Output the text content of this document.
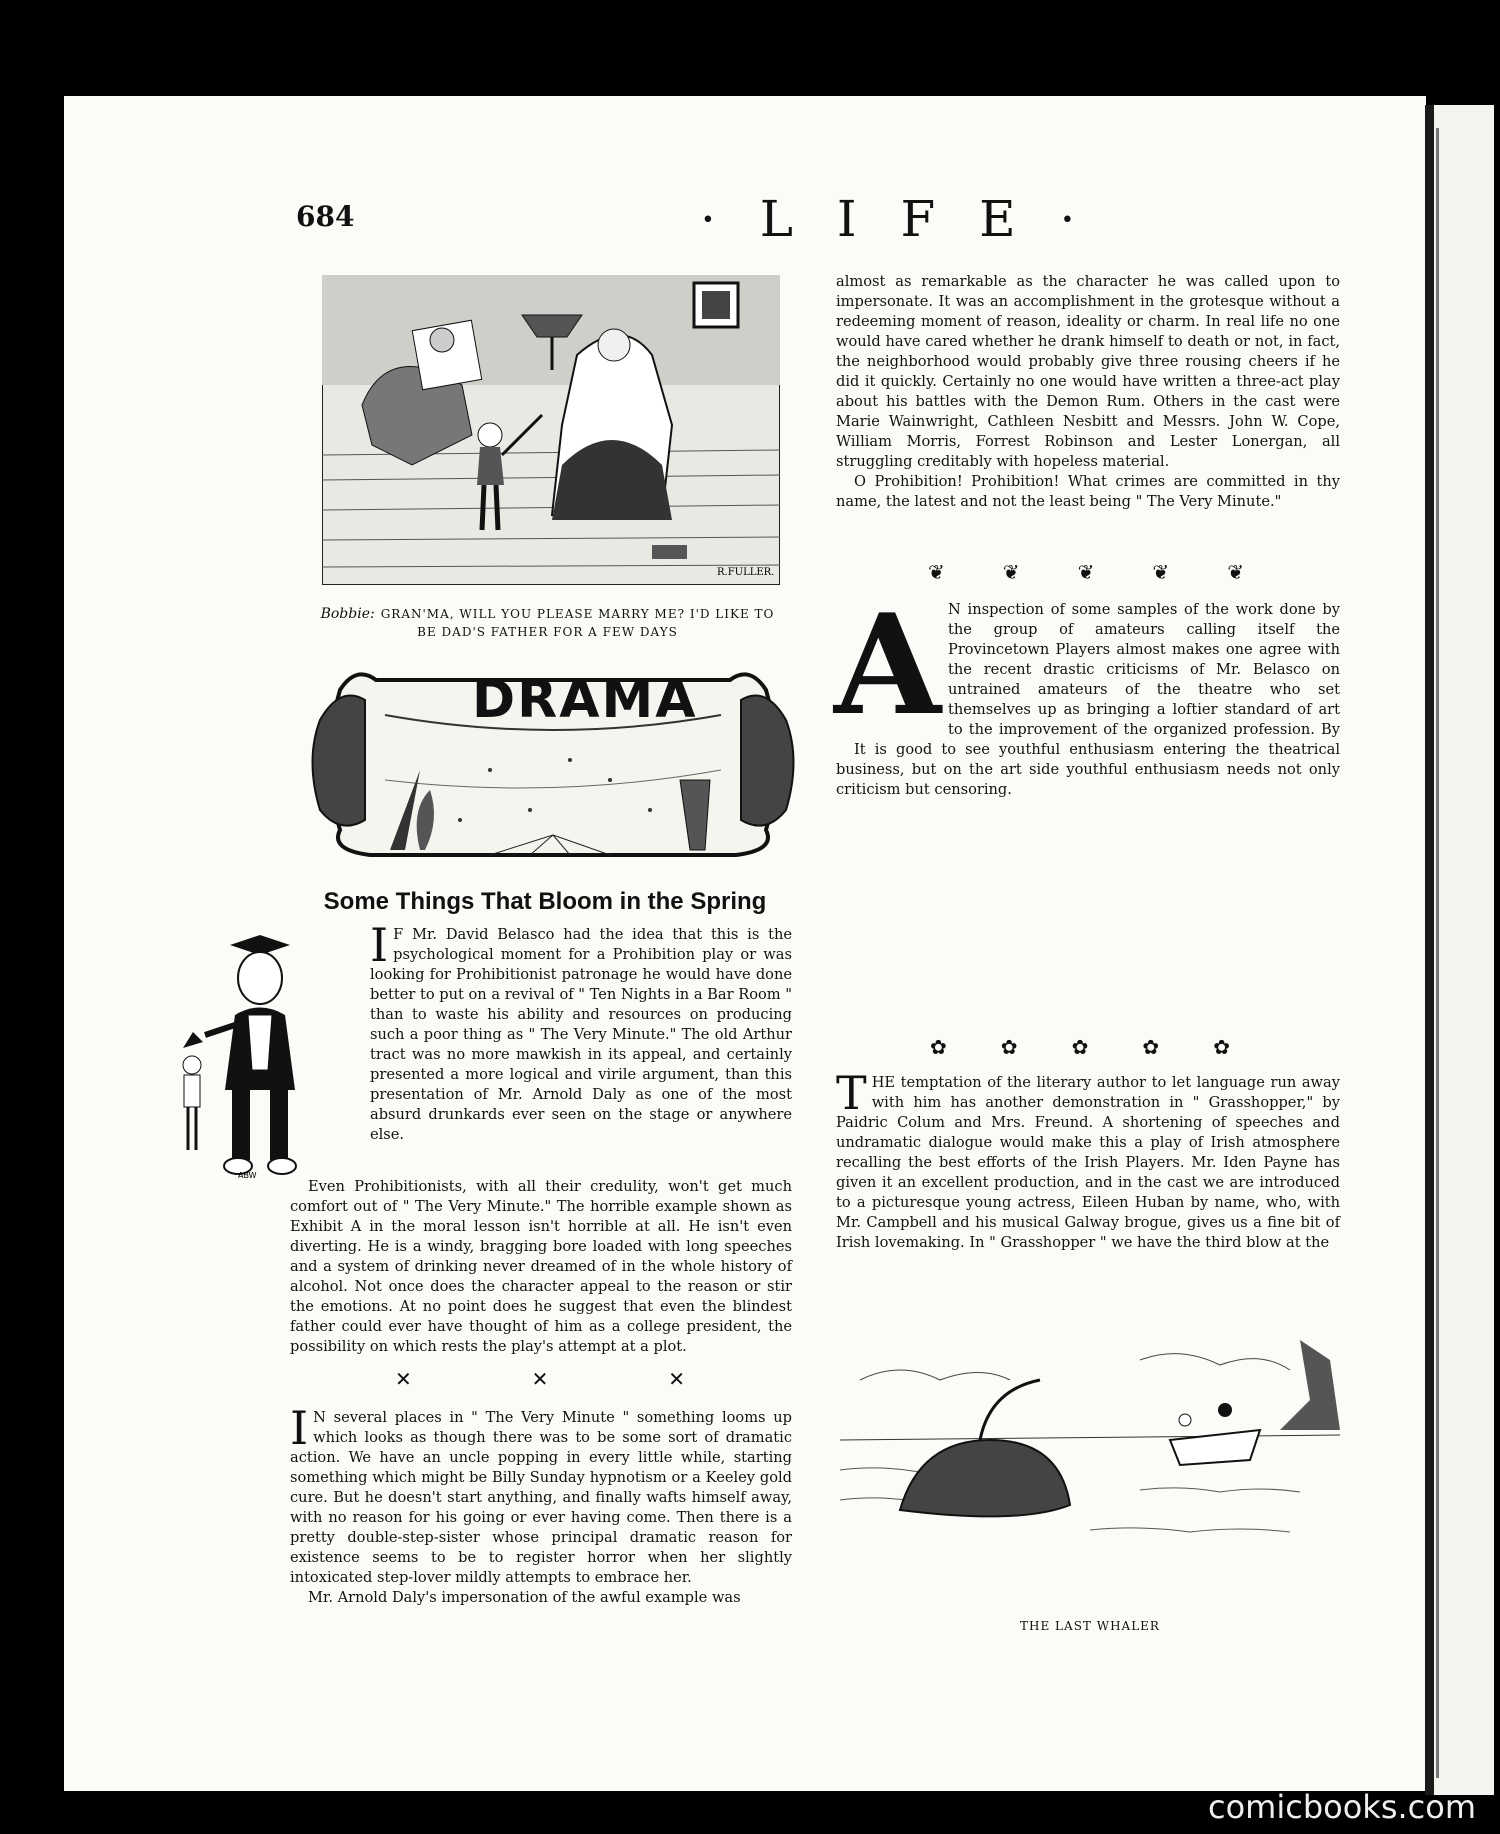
684	· L I F E ·
R.FULLER.
Bobbie: GRAN'MA, WILL YOU PLEASE MARRY ME? I'D LIKE TO BE DAD'S FATHER FOR A FEW DAYS
DRAMA
Some Things That Bloom in the Spring
ABW

IF Mr. David Belasco had the idea that this is the psychological moment for a Prohibition play or was looking for Prohibitionist patronage he would have done better to put on a revival of " Ten Nights in a Bar Room " than to waste his ability and resources on producing such a poor thing as " The Very Minute." The old Arthur tract was no more mawkish in its appeal, and certainly presented a more logical and virile argument, than this presentation of Mr. Arnold Daly as one of the most absurd drunkards ever seen on the stage or anywhere else.

Even Prohibitionists, with all their credulity, won't get much comfort out of " The Very Minute." The horrible example shown as Exhibit A in the moral lesson isn't horrible at all. He isn't even diverting. He is a windy, bragging bore loaded with long speeches and a system of drinking never dreamed of in the whole history of alcohol. Not once does the character appeal to the reason or stir the emotions. At no point does he suggest that even the blindest father could ever have thought of him as a college president, the possibility on which rests the play's attempt at a plot.

✕	✕	✕

IN several places in " The Very Minute " something looms up which looks as though there was to be some sort of dramatic action. We have an uncle popping in every little while, starting something which might be Billy Sunday hypnotism or a Keeley gold cure. But he doesn't start anything, and finally wafts himself away, with no reason for his going or ever having come. Then there is a pretty double-step-sister whose principal dramatic reason for existence seems to be to register horror when her slightly intoxicated step-lover mildly attempts to embrace her.

Mr. Arnold Daly's impersonation of the awful example was

almost as remarkable as the character he was called upon to impersonate. It was an accomplishment in the grotesque without a redeeming moment of reason, ideality or charm. In real life no one would have cared whether he drank himself to death or not, in fact, the neighborhood would probably give three rousing cheers if he did it quickly. Certainly no one would have written a three-act play about his battles with the Demon Rum. Others in the cast were Marie Wainwright, Cathleen Nesbitt and Messrs. John W. Cope, William Morris, Forrest Robinson and Lester Lonergan, all struggling creditably with hopeless material.

O Prohibition! Prohibition! What crimes are committed in thy name, the latest and not the least being " The Very Minute."

❦	❦	❦	❦	❦
A N inspection of some samples of the work done by the group of amateurs calling itself the Provincetown Players almost makes one agree with the recent drastic criticisms of Mr. Belasco on untrained amateurs of the theatre who set themselves up as bringing a loftier standard of art to the improvement of the organized profession. By

It is good to see youthful enthusiasm entering the theatrical business, but on the art side youthful enthusiasm needs not only criticism but censoring.

✿	✿	✿	✿	✿

THE temptation of the literary author to let language run away with him has another demonstration in " Grasshopper," by Paidric Colum and Mrs. Freund. A shortening of speeches and undramatic dialogue would make this a play of Irish atmosphere recalling the best efforts of the Irish Players. Mr. Iden Payne has given it an excellent production, and in the cast we are introduced to a picturesque young actress, Eileen Huban by name, who, with Mr. Campbell and his musical Galway brogue, gives us a fine bit of Irish lovemaking. In " Grasshopper " we have the third blow at the

THE LAST WHALER
comicbooks.com
